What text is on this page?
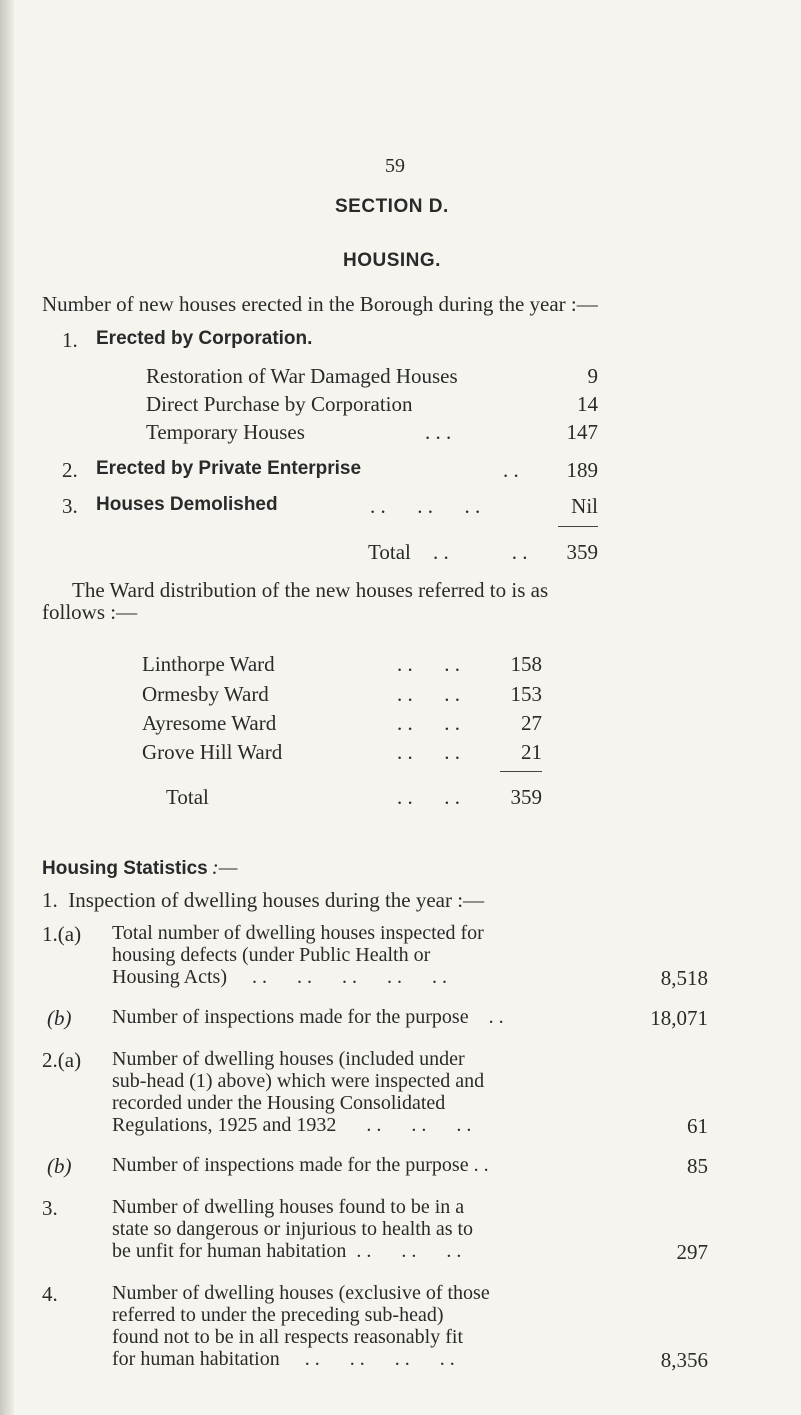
59
SECTION D.
HOUSING.
Number of new houses erected in the Borough during the year :—
1. Erected by Corporation.
Restoration of War Damaged Houses	9
Direct Purchase by Corporation	14
Temporary Houses	. . .	147
2. Erected by Private Enterprise	. .	189
3. Houses Demolished	. .      . .      . .	Nil
Total . .            . .	359
The Ward distribution of the new houses referred to is as
follows :—
Linthorpe Ward	. .      . .	158
Ormesby Ward	. .      . .	153
Ayresome Ward	. .      . .	27
Grove Hill Ward	. .      . .	21
Total	. .      . .	359
Housing Statistics :—
1.  Inspection of dwelling houses during the year :—
1.(a) Total number of dwelling houses inspected for
housing defects (under Public Health or
Housing Acts)     . .      . .      . .      . .      . .	8,518
(b) Number of inspections made for the purpose    . .	18,071
2.(a) Number of dwelling houses (included under
sub-head (1) above) which were inspected and
recorded under the Housing Consolidated
Regulations, 1925 and 1932      . .      . .      . .	61
(b) Number of inspections made for the purpose . .	85
3.	Number of dwelling houses found to be in a
state so dangerous or injurious to health as to
be unfit for human habitation  . .      . .      . .	297
4.	Number of dwelling houses (exclusive of those
referred to under the preceding sub-head)
found not to be in all respects reasonably fit
for human habitation     . .      . .      . .      . .	8,356
